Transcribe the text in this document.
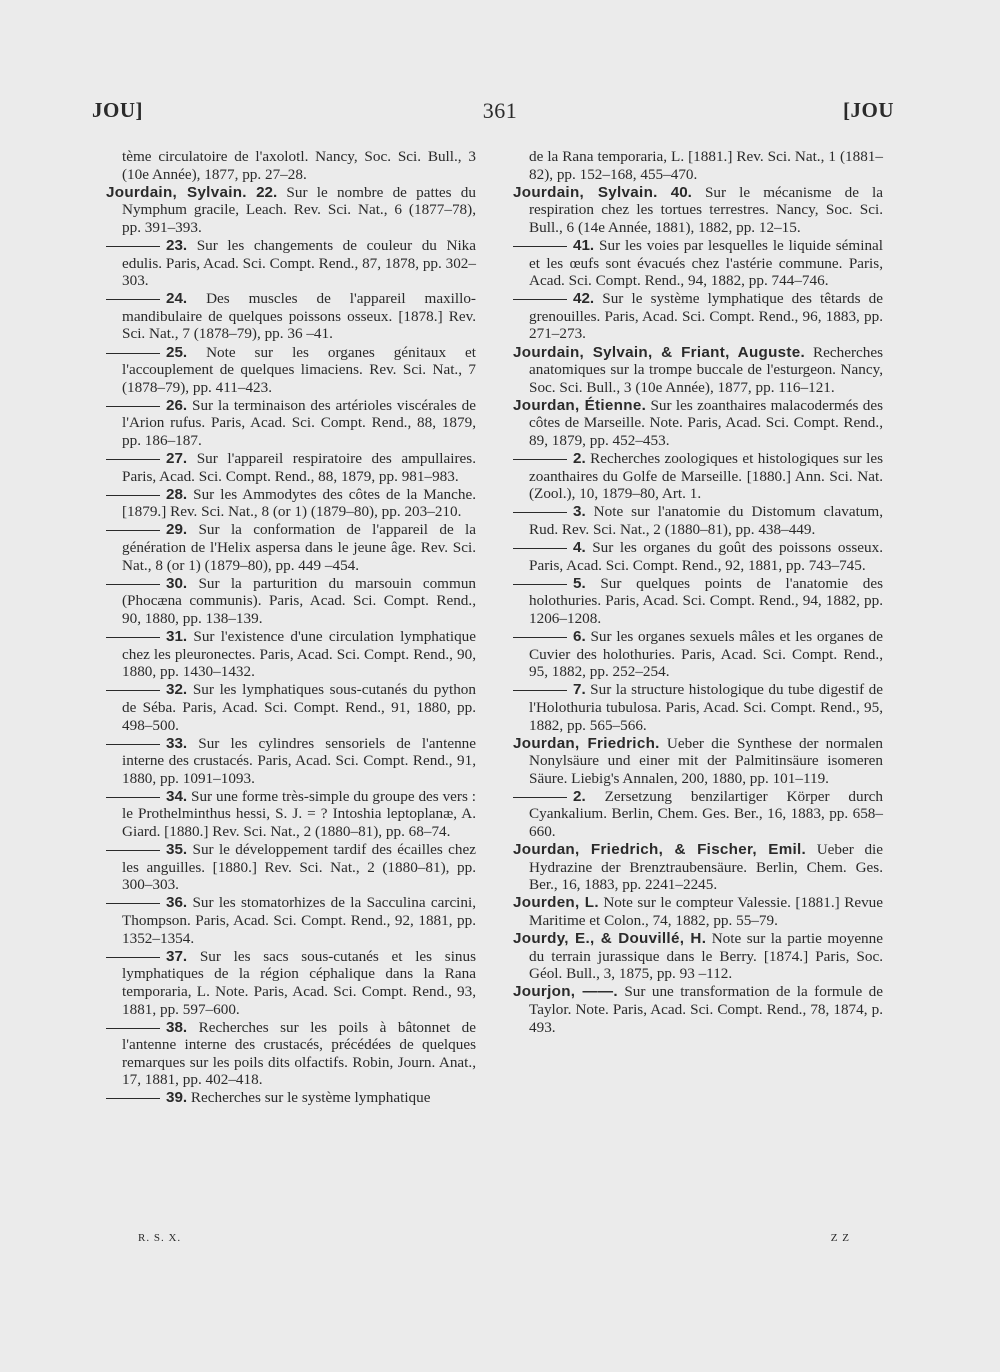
JOU]	361	[JOU
tème circulatoire de l'axolotl. Nancy, Soc. Sci. Bull., 3 (10e Année), 1877, pp. 27–28.
Jourdain, Sylvain. 22. Sur le nombre de pattes du Nymphum gracile, Leach. Rev. Sci. Nat., 6 (1877–78), pp. 391–393.
23. Sur les changements de couleur du Nika edulis. Paris, Acad. Sci. Compt. Rend., 87, 1878, pp. 302–303.
24. Des muscles de l'appareil maxillo-mandibulaire de quelques poissons osseux. [1878.] Rev. Sci. Nat., 7 (1878–79), pp. 36 –41.
25. Note sur les organes génitaux et l'accouplement de quelques limaciens. Rev. Sci. Nat., 7 (1878–79), pp. 411–423.
26. Sur la terminaison des artérioles viscérales de l'Arion rufus. Paris, Acad. Sci. Compt. Rend., 88, 1879, pp. 186–187.
27. Sur l'appareil respiratoire des ampullaires. Paris, Acad. Sci. Compt. Rend., 88, 1879, pp. 981–983.
28. Sur les Ammodytes des côtes de la Manche. [1879.] Rev. Sci. Nat., 8 (or 1) (1879–80), pp. 203–210.
29. Sur la conformation de l'appareil de la génération de l'Helix aspersa dans le jeune âge. Rev. Sci. Nat., 8 (or 1) (1879–80), pp. 449 –454.
30. Sur la parturition du marsouin commun (Phocæna communis). Paris, Acad. Sci. Compt. Rend., 90, 1880, pp. 138–139.
31. Sur l'existence d'une circulation lymphatique chez les pleuronectes. Paris, Acad. Sci. Compt. Rend., 90, 1880, pp. 1430–1432.
32. Sur les lymphatiques sous-cutanés du python de Séba. Paris, Acad. Sci. Compt. Rend., 91, 1880, pp. 498–500.
33. Sur les cylindres sensoriels de l'antenne interne des crustacés. Paris, Acad. Sci. Compt. Rend., 91, 1880, pp. 1091–1093.
34. Sur une forme très-simple du groupe des vers : le Prothelminthus hessi, S. J. = ? Intoshia leptoplanæ, A. Giard. [1880.] Rev. Sci. Nat., 2 (1880–81), pp. 68–74.
35. Sur le développement tardif des écailles chez les anguilles. [1880.] Rev. Sci. Nat., 2 (1880–81), pp. 300–303.
36. Sur les stomatorhizes de la Sacculina carcini, Thompson. Paris, Acad. Sci. Compt. Rend., 92, 1881, pp. 1352–1354.
37. Sur les sacs sous-cutanés et les sinus lymphatiques de la région céphalique dans la Rana temporaria, L. Note. Paris, Acad. Sci. Compt. Rend., 93, 1881, pp. 597–600.
38. Recherches sur les poils à bâtonnet de l'antenne interne des crustacés, précédées de quelques remarques sur les poils dits olfactifs. Robin, Journ. Anat., 17, 1881, pp. 402–418.
39. Recherches sur le système lymphatique
de la Rana temporaria, L. [1881.] Rev. Sci. Nat., 1 (1881–82), pp. 152–168, 455–470.
Jourdain, Sylvain. 40. Sur le mécanisme de la respiration chez les tortues terrestres. Nancy, Soc. Sci. Bull., 6 (14e Année, 1881), 1882, pp. 12–15.
41. Sur les voies par lesquelles le liquide séminal et les œufs sont évacués chez l'astérie commune. Paris, Acad. Sci. Compt. Rend., 94, 1882, pp. 744–746.
42. Sur le système lymphatique des têtards de grenouilles. Paris, Acad. Sci. Compt. Rend., 96, 1883, pp. 271–273.
Jourdain, Sylvain, & Friant, Auguste. Recherches anatomiques sur la trompe buccale de l'esturgeon. Nancy, Soc. Sci. Bull., 3 (10e Année), 1877, pp. 116–121.
Jourdan, Étienne. Sur les zoanthaires malacodermés des côtes de Marseille. Note. Paris, Acad. Sci. Compt. Rend., 89, 1879, pp. 452–453.
2. Recherches zoologiques et histologiques sur les zoanthaires du Golfe de Marseille. [1880.] Ann. Sci. Nat. (Zool.), 10, 1879–80, Art. 1.
3. Note sur l'anatomie du Distomum clavatum, Rud. Rev. Sci. Nat., 2 (1880–81), pp. 438–449.
4. Sur les organes du goût des poissons osseux. Paris, Acad. Sci. Compt. Rend., 92, 1881, pp. 743–745.
5. Sur quelques points de l'anatomie des holothuries. Paris, Acad. Sci. Compt. Rend., 94, 1882, pp. 1206–1208.
6. Sur les organes sexuels mâles et les organes de Cuvier des holothuries. Paris, Acad. Sci. Compt. Rend., 95, 1882, pp. 252–254.
7. Sur la structure histologique du tube digestif de l'Holothuria tubulosa. Paris, Acad. Sci. Compt. Rend., 95, 1882, pp. 565–566.
Jourdan, Friedrich. Ueber die Synthese der normalen Nonylsäure und einer mit der Palmitinsäure isomeren Säure. Liebig's Annalen, 200, 1880, pp. 101–119.
2. Zersetzung benzilartiger Körper durch Cyankalium. Berlin, Chem. Ges. Ber., 16, 1883, pp. 658–660.
Jourdan, Friedrich, & Fischer, Emil. Ueber die Hydrazine der Brenztraubensäure. Berlin, Chem. Ges. Ber., 16, 1883, pp. 2241–2245.
Jourden, L. Note sur le compteur Valessie. [1881.] Revue Maritime et Colon., 74, 1882, pp. 55–79.
Jourdy, E., & Douvillé, H. Note sur la partie moyenne du terrain jurassique dans le Berry. [1874.] Paris, Soc. Géol. Bull., 3, 1875, pp. 93 –112.
Jourjon, ——. Sur une transformation de la formule de Taylor. Note. Paris, Acad. Sci. Compt. Rend., 78, 1874, p. 493.
R. S. X.	Z Z
